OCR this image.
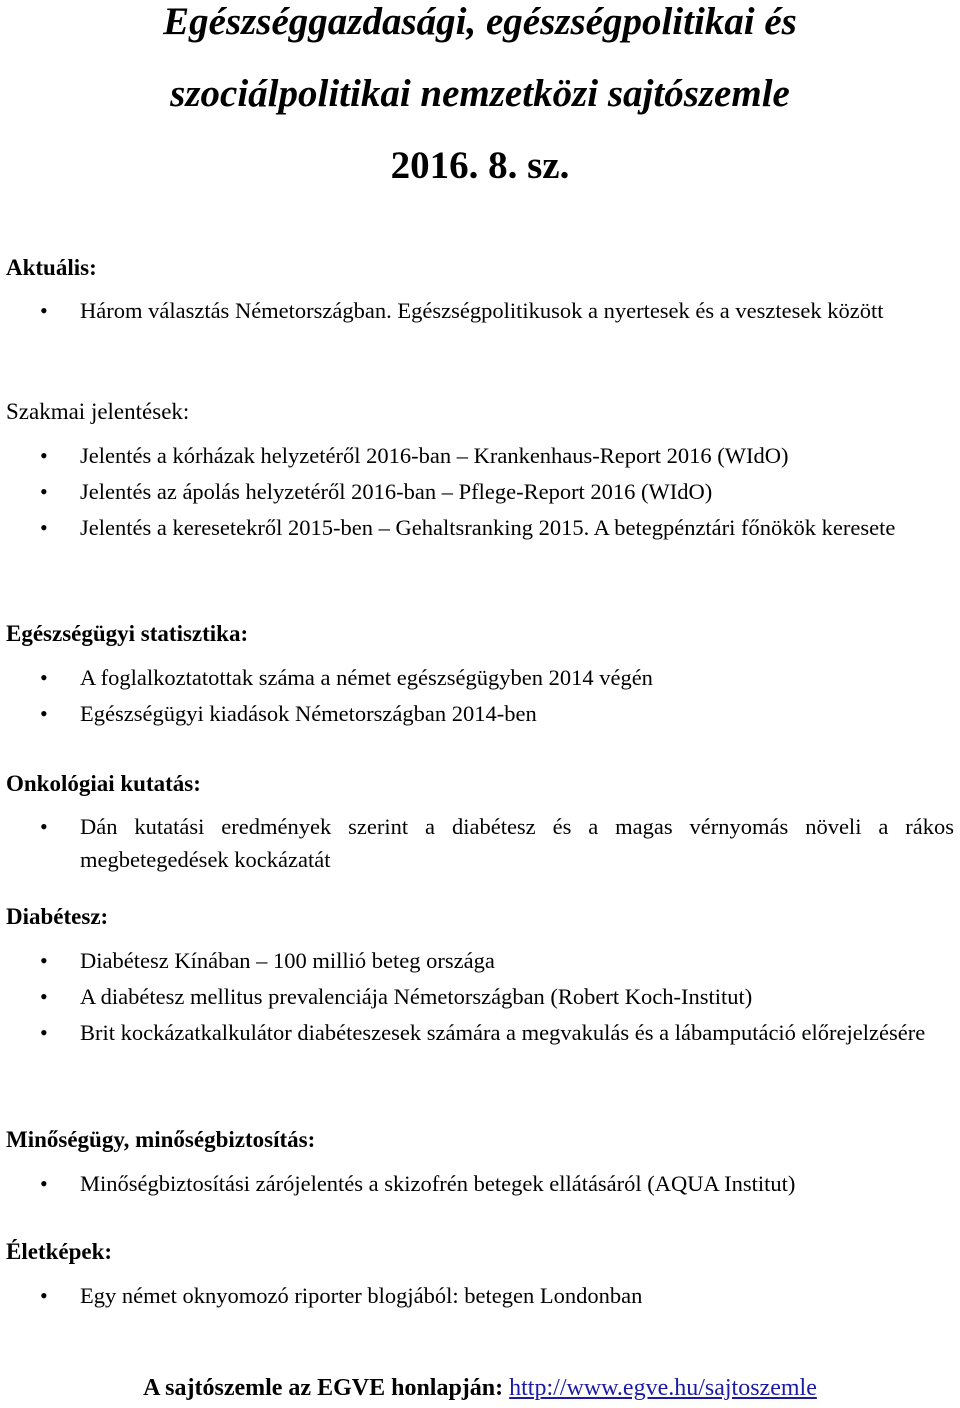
Egészséggazdasági, egészségpolitikai és
szociálpolitikai nemzetközi sajtószemle
2016. 8. sz.

Aktuális:

• Három választás Németországban. Egészségpolitikusok a nyertesek és a vesztesek között

Szakmai jelentések:

• Jelentés a kórházak helyzetéről 2016-ban – Krankenhaus-Report 2016 (WIdO)
• Jelentés az ápolás helyzetéről 2016-ban – Pflege-Report 2016 (WIdO)
• Jelentés a keresetekről 2015-ben – Gehaltsranking 2015. A betegpénztári főnökök keresete

Egészségügyi statisztika:

• A foglalkoztatottak száma a német egészségügyben 2014 végén
• Egészségügyi kiadások Németországban 2014-ben

Onkológiai kutatás:

• Dán kutatási eredmények szerint a diabétesz és a magas vérnyomás növeli a rákos megbetegedések kockázatát

Diabétesz:

• Diabétesz Kínában – 100 millió beteg országa
• A diabétesz mellitus prevalenciája Németországban (Robert Koch-Institut)
• Brit kockázatkalkulátor diabéteszesek számára a megvakulás és a lábamputáció előrejelzésére

Minőségügy, minőségbiztosítás:

• Minőségbiztosítási zárójelentés a skizofrén betegek ellátásáról (AQUA Institut)

Életképek:

• Egy német oknyomozó riporter blogjából: betegen Londonban
A sajtószemle az EGVE honlapján: http://www.egve.hu/sajtoszemle
